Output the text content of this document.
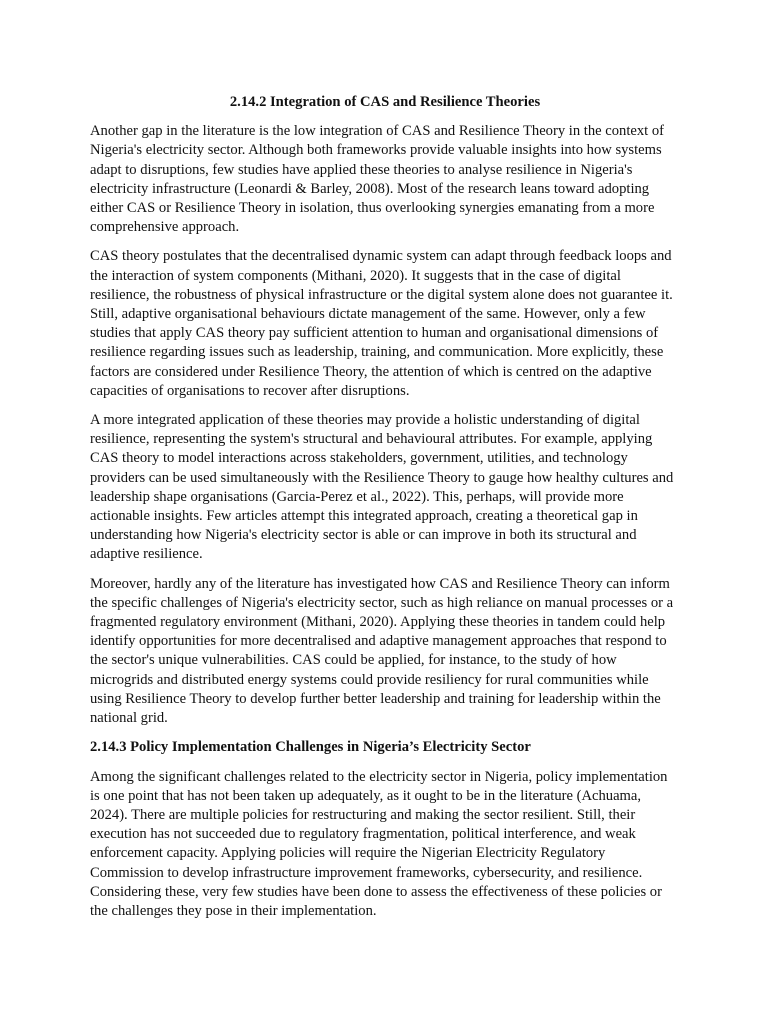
2.14.2 Integration of CAS and Resilience Theories

Another gap in the literature is the low integration of CAS and Resilience Theory in the context of Nigeria's electricity sector. Although both frameworks provide valuable insights into how systems adapt to disruptions, few studies have applied these theories to analyse resilience in Nigeria's electricity infrastructure (Leonardi & Barley, 2008). Most of the research leans toward adopting either CAS or Resilience Theory in isolation, thus overlooking synergies emanating from a more comprehensive approach.

CAS theory postulates that the decentralised dynamic system can adapt through feedback loops and the interaction of system components (Mithani, 2020). It suggests that in the case of digital resilience, the robustness of physical infrastructure or the digital system alone does not guarantee it. Still, adaptive organisational behaviours dictate management of the same. However, only a few studies that apply CAS theory pay sufficient attention to human and organisational dimensions of resilience regarding issues such as leadership, training, and communication. More explicitly, these factors are considered under Resilience Theory, the attention of which is centred on the adaptive capacities of organisations to recover after disruptions.

A more integrated application of these theories may provide a holistic understanding of digital resilience, representing the system's structural and behavioural attributes. For example, applying CAS theory to model interactions across stakeholders, government, utilities, and technology providers can be used simultaneously with the Resilience Theory to gauge how healthy cultures and leadership shape organisations (Garcia-Perez et al., 2022). This, perhaps, will provide more actionable insights. Few articles attempt this integrated approach, creating a theoretical gap in understanding how Nigeria's electricity sector is able or can improve in both its structural and adaptive resilience.

Moreover, hardly any of the literature has investigated how CAS and Resilience Theory can inform the specific challenges of Nigeria's electricity sector, such as high reliance on manual processes or a fragmented regulatory environment (Mithani, 2020). Applying these theories in tandem could help identify opportunities for more decentralised and adaptive management approaches that respond to the sector's unique vulnerabilities. CAS could be applied, for instance, to the study of how microgrids and distributed energy systems could provide resiliency for rural communities while using Resilience Theory to develop further better leadership and training for leadership within the national grid.

2.14.3 Policy Implementation Challenges in Nigeria’s Electricity Sector

Among the significant challenges related to the electricity sector in Nigeria, policy implementation is one point that has not been taken up adequately, as it ought to be in the literature (Achuama, 2024). There are multiple policies for restructuring and making the sector resilient. Still, their execution has not succeeded due to regulatory fragmentation, political interference, and weak enforcement capacity. Applying policies will require the Nigerian Electricity Regulatory Commission to develop infrastructure improvement frameworks, cybersecurity, and resilience. Considering these, very few studies have been done to assess the effectiveness of these policies or the challenges they pose in their implementation.
